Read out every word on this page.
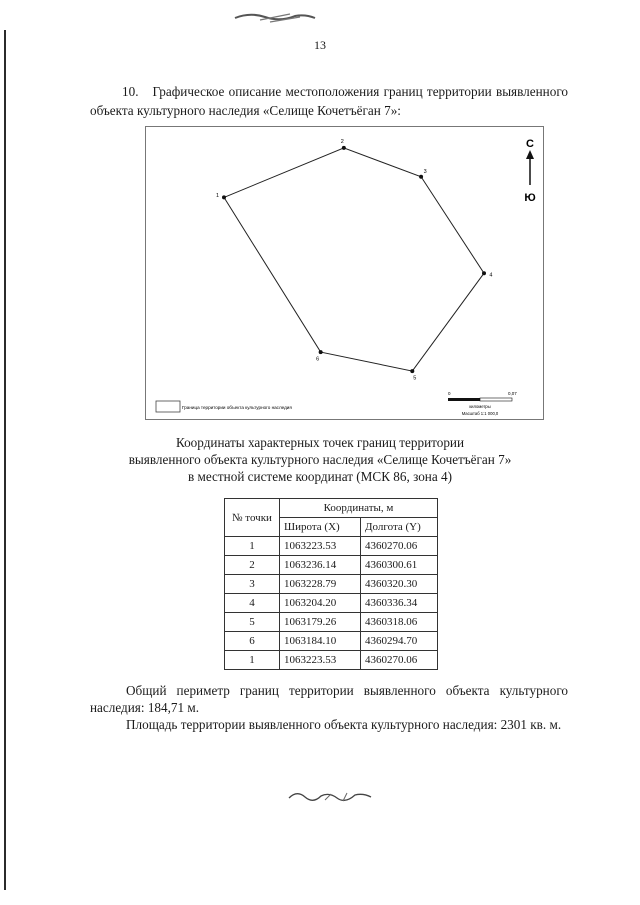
13
10. Графическое описание местоположения границ территории выявленного объекта культурного наследия «Селище Кочетъёган 7»:
1
2
3
4
5
6
С
Ю
Граница территории объекта культурного наследия
0	0,07
километры
Масштаб 1:1 000,0
Координаты характерных точек границ территории
выявленного объекта культурного наследия «Селище Кочетъёган 7»
в местной системе координат (МСК 86, зона 4)
№ точки	Координаты, м	
	Широта (X)	Долгота (Y)
1	1063223.53	4360270.06
2	1063236.14	4360300.61
3	1063228.79	4360320.30
4	1063204.20	4360336.34
5	1063179.26	4360318.06
6	1063184.10	4360294.70
1	1063223.53	4360270.06
Общий периметр границ территории выявленного объекта культурного наследия: 184,71 м.
Площадь территории выявленного объекта культурного наследия: 2301 кв. м.
